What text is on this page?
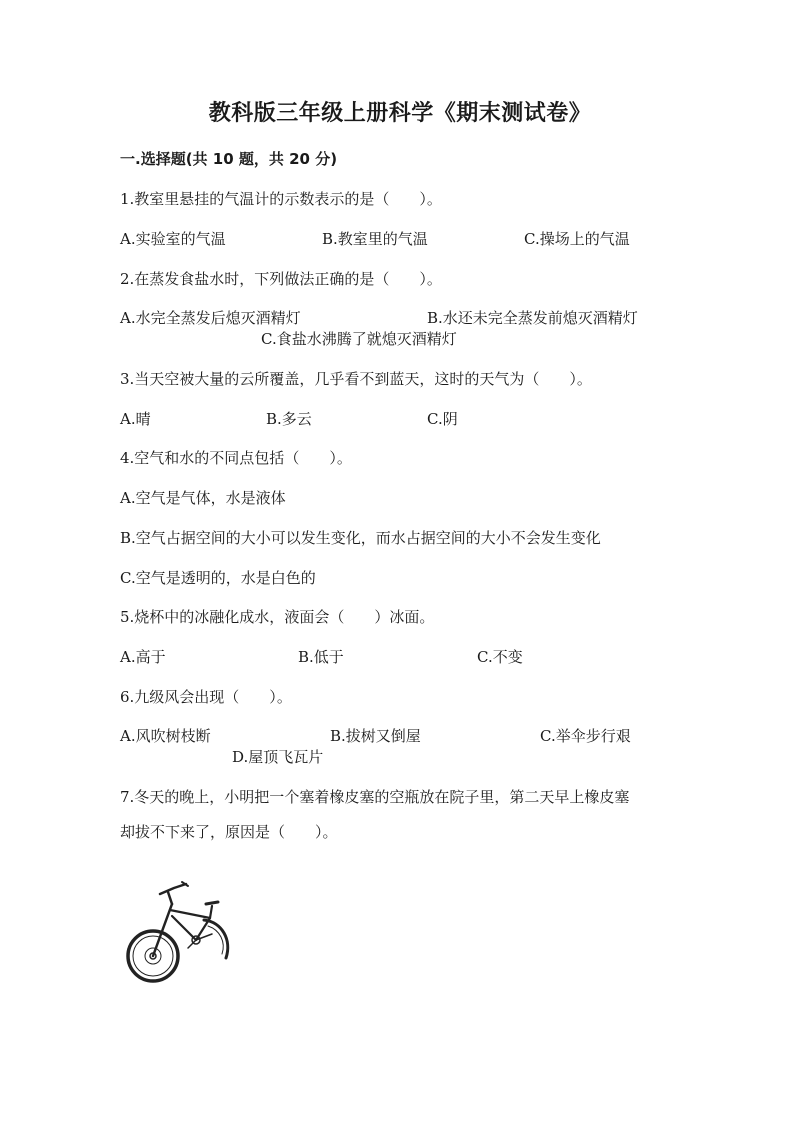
教科版三年级上册科学《期末测试卷》
一.选择题(共 10 题，共 20 分)
1.教室里悬挂的气温计的示数表示的是（　　）。
A.实验室的气温	B.教室里的气温	C.操场上的气温
2.在蒸发食盐水时，下列做法正确的是（　　）。
A.水完全蒸发后熄灭酒精灯	B.水还未完全蒸发前熄灭酒精灯
C.食盐水沸腾了就熄灭酒精灯
3.当天空被大量的云所覆盖，几乎看不到蓝天，这时的天气为（　　）。
A.晴	B.多云	C.阴
4.空气和水的不同点包括（　　）。
A.空气是气体，水是液体
B.空气占据空间的大小可以发生变化，而水占据空间的大小不会发生变化
C.空气是透明的，水是白色的
5.烧杯中的冰融化成水，液面会（　　）冰面。
A.高于	B.低于	C.不变
6.九级风会出现（　　）。
A.风吹树枝断	B.拔树又倒屋	C.举伞步行艰
D.屋顶飞瓦片
7.冬天的晚上，小明把一个塞着橡皮塞的空瓶放在院子里，第二天早上橡皮塞
却拔不下来了，原因是（　　）。
